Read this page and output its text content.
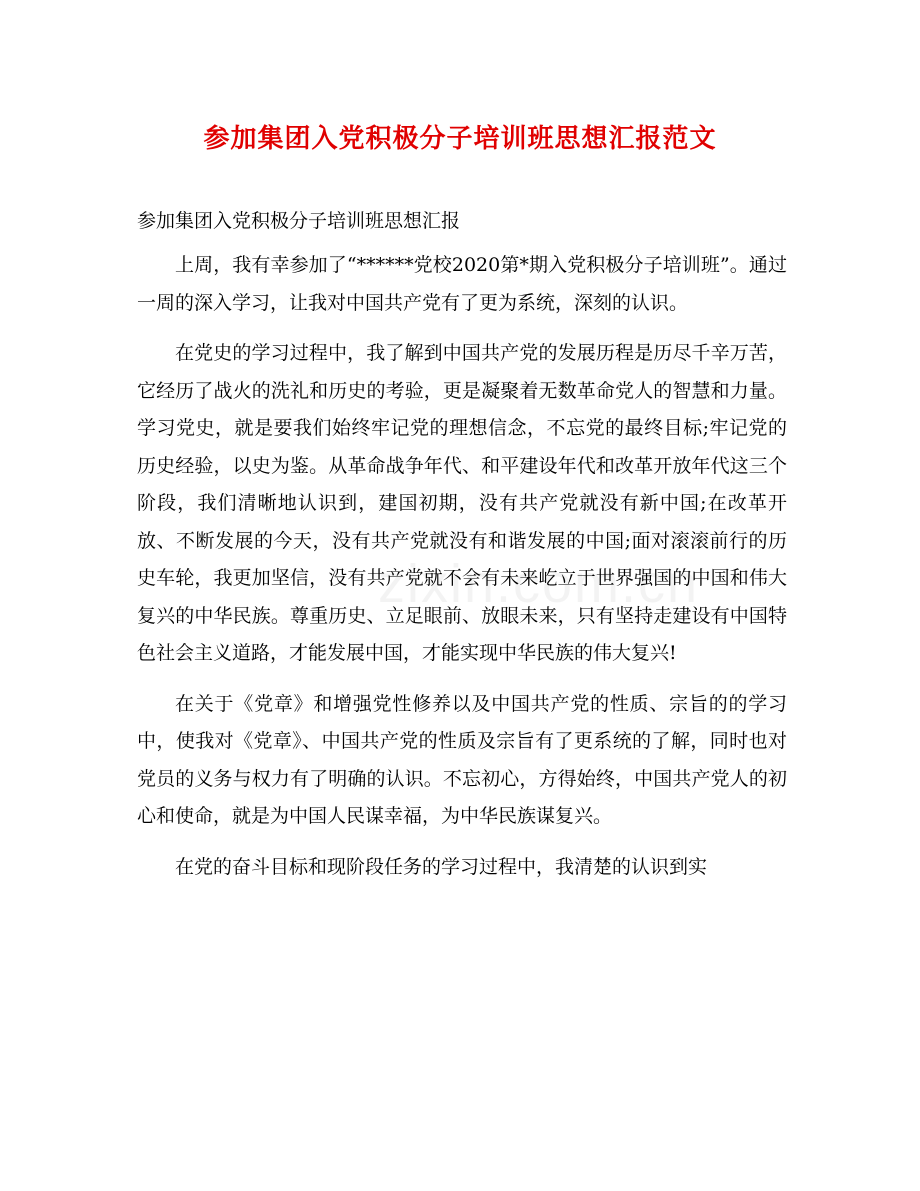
参加集团入党积极分子培训班思想汇报范文
参加集团入党积极分子培训班思想汇报

上周，我有幸参加了“******党校2020第*期入党积极分子培训班”。通过一周的深入学习，让我对中国共产党有了更为系统，深刻的认识。

在党史的学习过程中，我了解到中国共产党的发展历程是历尽千辛万苦，它经历了战火的洗礼和历史的考验，更是凝聚着无数革命党人的智慧和力量。学习党史，就是要我们始终牢记党的理想信念，不忘党的最终目标;牢记党的历史经验，以史为鉴。从革命战争年代、和平建设年代和改革开放年代这三个阶段，我们清晰地认识到，建国初期，没有共产党就没有新中国;在改革开放、不断发展的今天，没有共产党就没有和谐发展的中国;面对滚滚前行的历史车轮，我更加坚信，没有共产党就不会有未来屹立于世界强国的中国和伟大复兴的中华民族。尊重历史、立足眼前、放眼未来，只有坚持走建设有中国特色社会主义道路，才能发展中国，才能实现中华民族的伟大复兴!

在关于《党章》和增强党性修养以及中国共产党的性质、宗旨的的学习中，使我对《党章》、中国共产党的性质及宗旨有了更系统的了解，同时也对党员的义务与权力有了明确的认识。不忘初心，方得始终，中国共产党人的初心和使命，就是为中国人民谋幸福，为中华民族谋复兴。

在党的奋斗目标和现阶段任务的学习过程中，我清楚的认识到实
